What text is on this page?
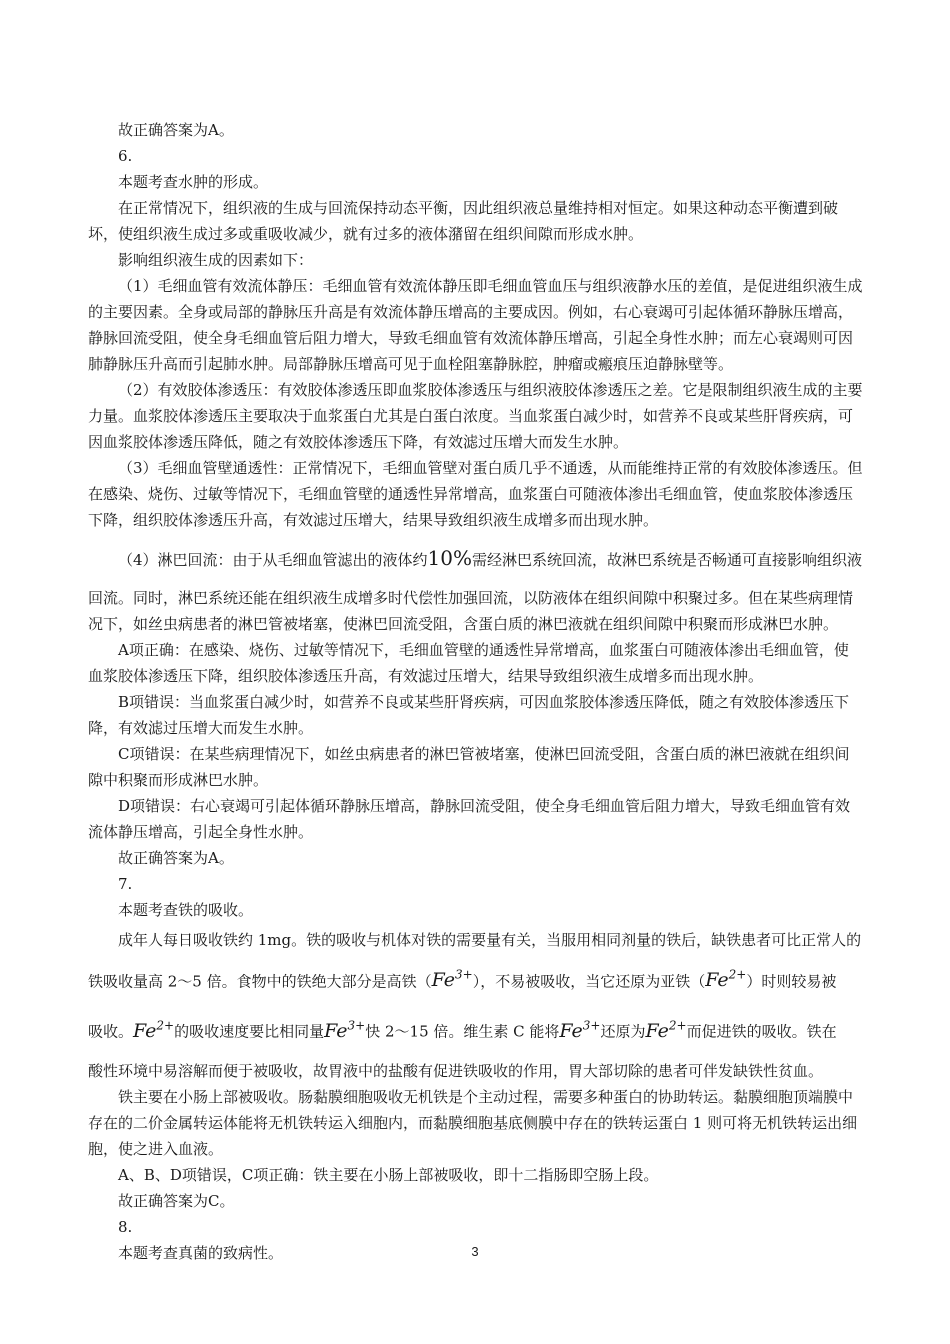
故正确答案为A。

6.

本题考查水肿的形成。

在正常情况下，组织液的生成与回流保持动态平衡，因此组织液总量维持相对恒定。如果这种动态平衡遭到破坏，使组织液生成过多或重吸收减少，就有过多的液体潴留在组织间隙而形成水肿。

影响组织液生成的因素如下：

（1）毛细血管有效流体静压：毛细血管有效流体静压即毛细血管血压与组织液静水压的差值，是促进组织液生成的主要因素。全身或局部的静脉压升高是有效流体静压增高的主要成因。例如，右心衰竭可引起体循环静脉压增高，静脉回流受阻，使全身毛细血管后阻力增大，导致毛细血管有效流体静压增高，引起全身性水肿；而左心衰竭则可因肺静脉压升高而引起肺水肿。局部静脉压增高可见于血栓阻塞静脉腔，肿瘤或瘢痕压迫静脉壁等。

（2）有效胶体渗透压：有效胶体渗透压即血浆胶体渗透压与组织液胶体渗透压之差。它是限制组织液生成的主要力量。血浆胶体渗透压主要取决于血浆蛋白尤其是白蛋白浓度。当血浆蛋白减少时，如营养不良或某些肝肾疾病，可因血浆胶体渗透压降低，随之有效胶体渗透压下降，有效滤过压增大而发生水肿。

（3）毛细血管壁通透性：正常情况下，毛细血管壁对蛋白质几乎不通透，从而能维持正常的有效胶体渗透压。但在感染、烧伤、过敏等情况下，毛细血管壁的通透性异常增高，血浆蛋白可随液体渗出毛细血管，使血浆胶体渗透压下降，组织胶体渗透压升高，有效滤过压增大，结果导致组织液生成增多而出现水肿。

（4）淋巴回流：由于从毛细血管滤出的液体约10%需经淋巴系统回流，故淋巴系统是否畅通可直接影响组织液

回流。同时，淋巴系统还能在组织液生成增多时代偿性加强回流，以防液体在组织间隙中积聚过多。但在某些病理情况下，如丝虫病患者的淋巴管被堵塞，使淋巴回流受阻，含蛋白质的淋巴液就在组织间隙中积聚而形成淋巴水肿。

A项正确：在感染、烧伤、过敏等情况下，毛细血管壁的通透性异常增高，血浆蛋白可随液体渗出毛细血管，使血浆胶体渗透压下降，组织胶体渗透压升高，有效滤过压增大，结果导致组织液生成增多而出现水肿。

B项错误：当血浆蛋白减少时，如营养不良或某些肝肾疾病，可因血浆胶体渗透压降低，随之有效胶体渗透压下降，有效滤过压增大而发生水肿。

C项错误：在某些病理情况下，如丝虫病患者的淋巴管被堵塞，使淋巴回流受阻，含蛋白质的淋巴液就在组织间隙中积聚而形成淋巴水肿。

D项错误：右心衰竭可引起体循环静脉压增高，静脉回流受阻，使全身毛细血管后阻力增大，导致毛细血管有效流体静压增高，引起全身性水肿。

故正确答案为A。

7.

本题考查铁的吸收。

成年人每日吸收铁约 1mg。铁的吸收与机体对铁的需要量有关，当服用相同剂量的铁后，缺铁患者可比正常人的

铁吸收量高 2～5 倍。食物中的铁绝大部分是高铁$(Fe^{3+})$，不易被吸收，当它还原为亚铁$(Fe^{2+})$时则较易被

吸收。$Fe^{2+}$的吸收速度要比相同量$Fe^{3+}$快 2～15 倍。维生素 C 能将$Fe^{3+}$还原为$Fe^{2+}$而促进铁的吸收。铁在

酸性环境中易溶解而便于被吸收，故胃液中的盐酸有促进铁吸收的作用，胃大部切除的患者可伴发缺铁性贫血。

铁主要在小肠上部被吸收。肠黏膜细胞吸收无机铁是个主动过程，需要多种蛋白的协助转运。黏膜细胞顶端膜中存在的二价金属转运体能将无机铁转运入细胞内，而黏膜细胞基底侧膜中存在的铁转运蛋白 1 则可将无机铁转运出细胞，使之进入血液。

A、B、D项错误，C项正确：铁主要在小肠上部被吸收，即十二指肠即空肠上段。

故正确答案为C。

8.

本题考查真菌的致病性。	3
